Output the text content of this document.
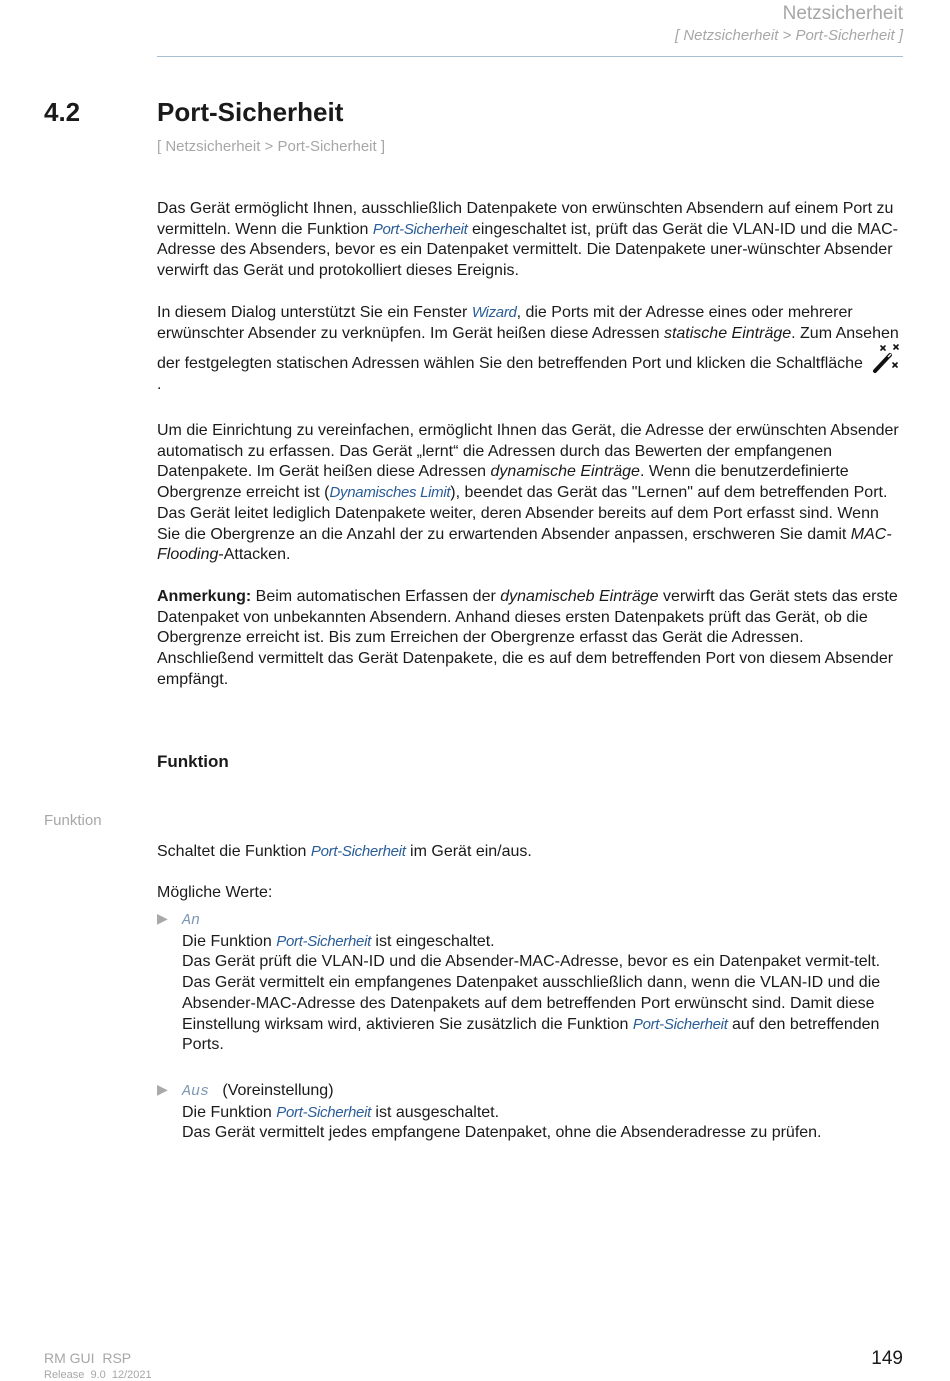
Netzsicherheit
[ Netzsicherheit > Port-Sicherheit ]
4.2	Port-Sicherheit
[ Netzsicherheit > Port-Sicherheit ]
Das Gerät ermöglicht Ihnen, ausschließlich Datenpakete von erwünschten Absendern auf einem Port zu vermitteln. Wenn die Funktion Port-Sicherheit eingeschaltet ist, prüft das Gerät die VLAN-ID und die MAC-Adresse des Absenders, bevor es ein Datenpaket vermittelt. Die Datenpakete uner-wünschter Absender verwirft das Gerät und protokolliert dieses Ereignis.
In diesem Dialog unterstützt Sie ein Fenster Wizard, die Ports mit der Adresse eines oder mehrerer erwünschter Absender zu verknüpfen. Im Gerät heißen diese Adressen statische Einträge. Zum Ansehen der festgelegten statischen Adressen wählen Sie den betreffenden Port und klicken die Schaltfläche .
Um die Einrichtung zu vereinfachen, ermöglicht Ihnen das Gerät, die Adresse der erwünschten Absender automatisch zu erfassen. Das Gerät „lernt“ die Adressen durch das Bewerten der empfangenen Datenpakete. Im Gerät heißen diese Adressen dynamische Einträge. Wenn die benutzerdefinierte Obergrenze erreicht ist (Dynamisches Limit), beendet das Gerät das "Lernen" auf dem betreffenden Port. Das Gerät leitet lediglich Datenpakete weiter, deren Absender bereits auf dem Port erfasst sind. Wenn Sie die Obergrenze an die Anzahl der zu erwartenden Absender anpassen, erschweren Sie damit MAC-Flooding-Attacken.
Anmerkung: Beim automatischen Erfassen der dynamischeb Einträge verwirft das Gerät stets das erste Datenpaket von unbekannten Absendern. Anhand dieses ersten Datenpakets prüft das Gerät, ob die Obergrenze erreicht ist. Bis zum Erreichen der Obergrenze erfasst das Gerät die Adressen. Anschließend vermittelt das Gerät Datenpakete, die es auf dem betreffenden Port von diesem Absender empfängt.
Funktion
Funktion
Schaltet die Funktion Port-Sicherheit im Gerät ein/aus.
Mögliche Werte:
▶ An
Die Funktion Port-Sicherheit ist eingeschaltet.
Das Gerät prüft die VLAN-ID und die Absender-MAC-Adresse, bevor es ein Datenpaket vermit-telt.
Das Gerät vermittelt ein empfangenes Datenpaket ausschließlich dann, wenn die VLAN-ID und die Absender-MAC-Adresse des Datenpakets auf dem betreffenden Port erwünscht sind. Damit diese Einstellung wirksam wird, aktivieren Sie zusätzlich die Funktion Port-Sicherheit auf den betreffenden Ports.
▶ Aus (Voreinstellung)
Die Funktion Port-Sicherheit ist ausgeschaltet.
Das Gerät vermittelt jedes empfangene Datenpaket, ohne die Absenderadresse zu prüfen.
RM GUI  RSP
Release  9.0  12/2021
149
